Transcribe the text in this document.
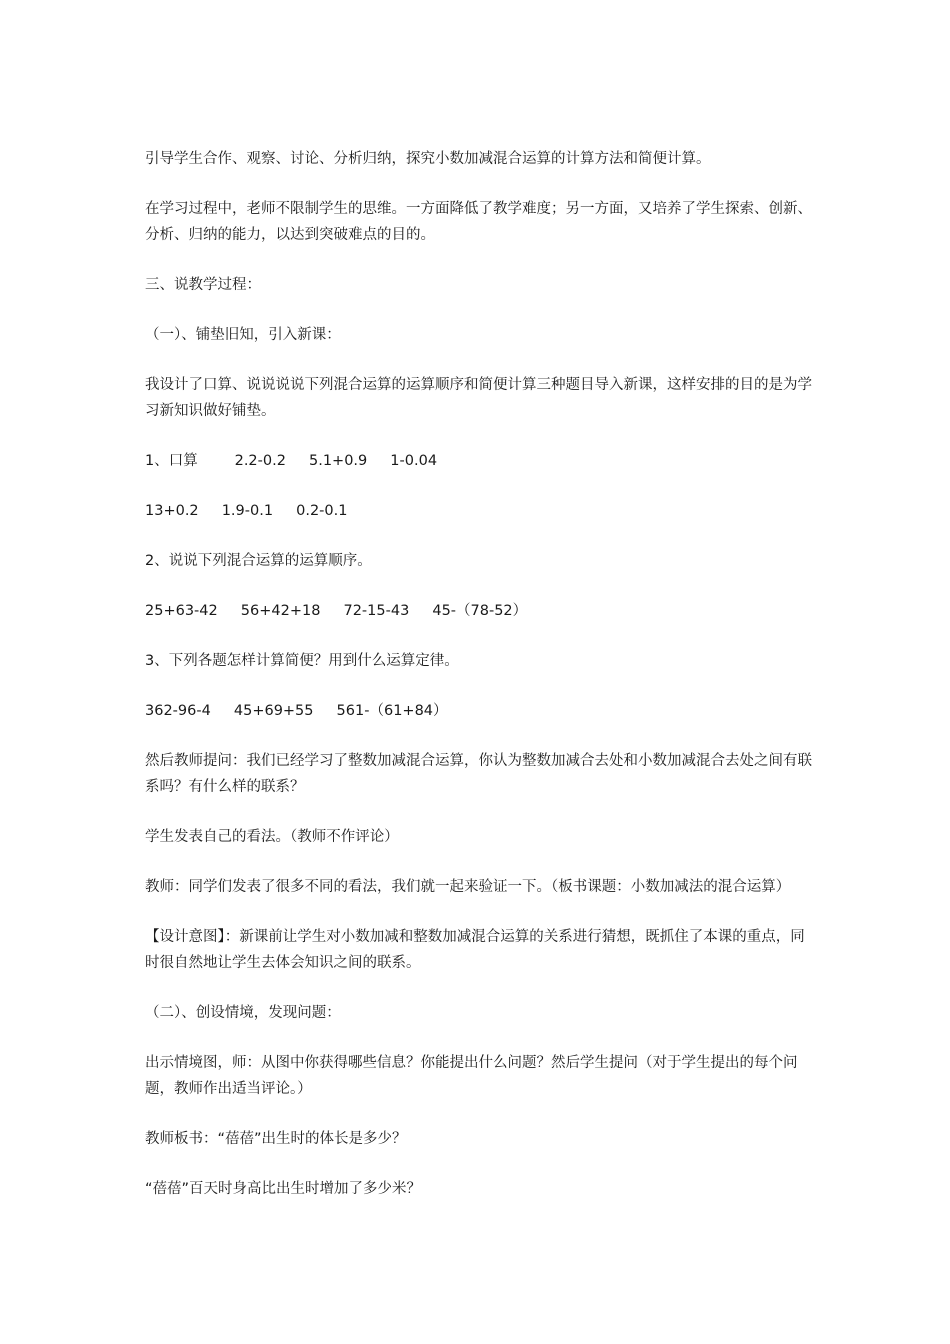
引导学生合作、观察、讨论、分析归纳，探究小数加减混合运算的计算方法和简便计算。

在学习过程中，老师不限制学生的思维。一方面降低了教学难度；另一方面，又培养了学生探索、创新、分析、归纳的能力，以达到突破难点的目的。

三、说教学过程：

（一）、铺垫旧知，引入新课：

我设计了口算、说说说说下列混合运算的运算顺序和简便计算三种题目导入新课，这样安排的目的是为学习新知识做好铺垫。

1、口算        2.2-0.2     5.1+0.9     1-0.04

13+0.2     1.9-0.1     0.2-0.1

2、说说下列混合运算的运算顺序。

25+63-42     56+42+18     72-15-43     45-（78-52）

3、下列各题怎样计算简便？用到什么运算定律。

362-96-4     45+69+55     561-（61+84）

然后教师提问：我们已经学习了整数加减混合运算，你认为整数加减合去处和小数加减混合去处之间有联系吗？有什么样的联系？

学生发表自己的看法。（教师不作评论）

教师：同学们发表了很多不同的看法，我们就一起来验证一下。（板书课题：小数加减法的混合运算）

【设计意图】：新课前让学生对小数加减和整数加减混合运算的关系进行猜想，既抓住了本课的重点，同时很自然地让学生去体会知识之间的联系。

（二）、创设情境，发现问题：

出示情境图，师：从图中你获得哪些信息？你能提出什么问题？然后学生提问（对于学生提出的每个问题，教师作出适当评论。）

教师板书：“蓓蓓”出生时的体长是多少？

“蓓蓓”百天时身高比出生时增加了多少米？
